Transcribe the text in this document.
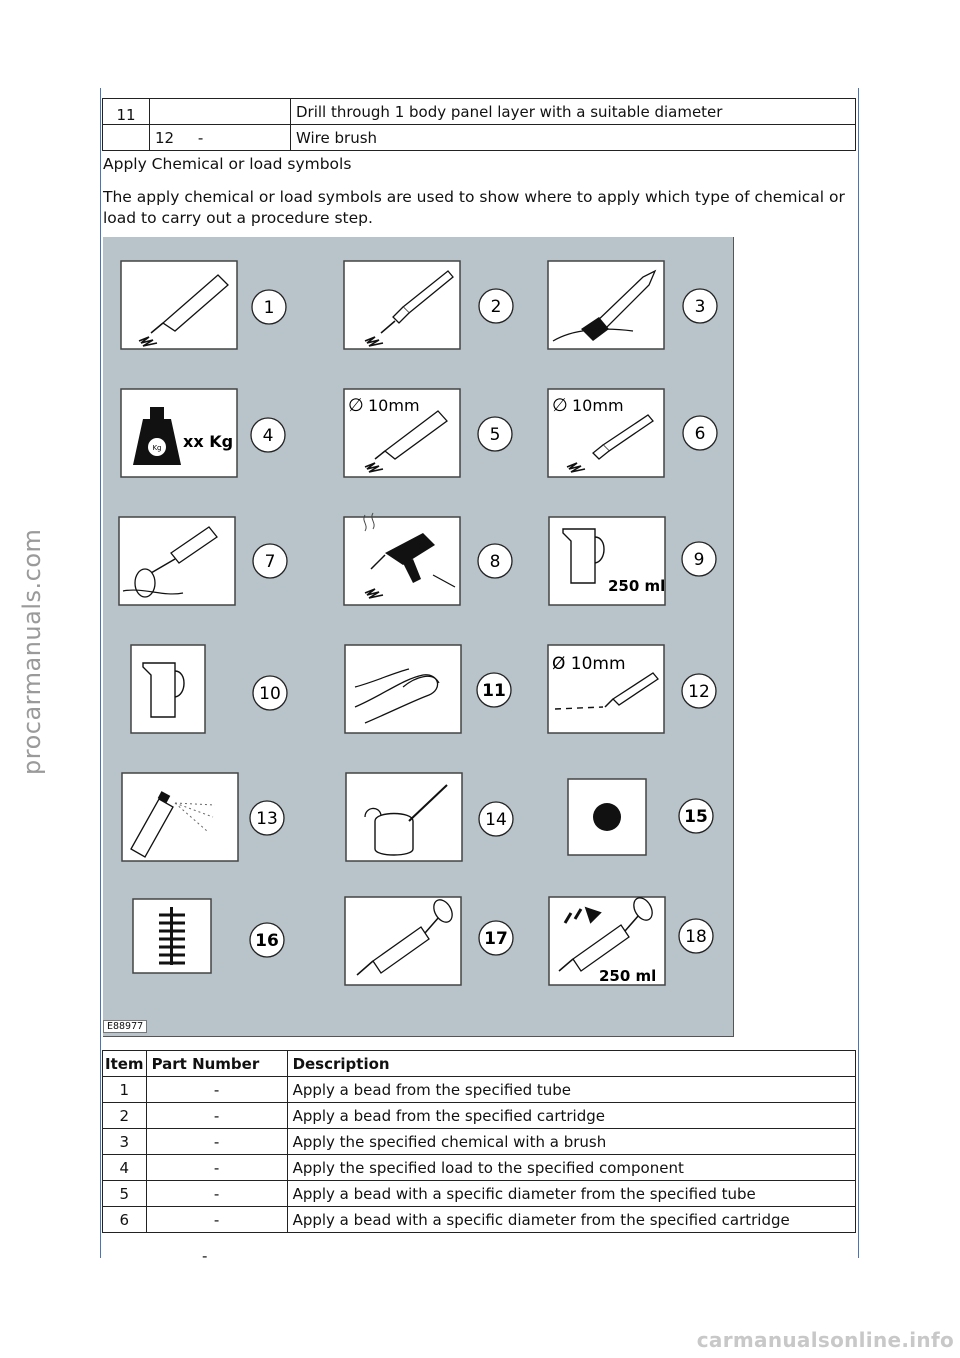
11		Drill through 1 body panel layer with a suitable diameter
	12     -	Wire brush
Apply Chemical or load symbols
The apply chemical or load symbols are used to show where to apply which type of chemical or load to carry out a procedure step.
Kg xx Kg
∅ 10mm	∅ 10mm
250 ml
Ø 10mm
250 ml
1	2	3
4	5	6
7	8	9
10	11	12
13	14	15
16	17	18
E88977
Item	Part Number	Description
1	-	Apply a bead from the specified tube
2	-	Apply a bead from the specified cartridge
3	-	Apply the specified chemical with a brush
4	-	Apply the specified load to the specified component
5	-	Apply a bead with a specific diameter from the specified tube
6	-	Apply a bead with a specific diameter from the specified cartridge
-
procarmanuals.com
carmanualsonline.info
